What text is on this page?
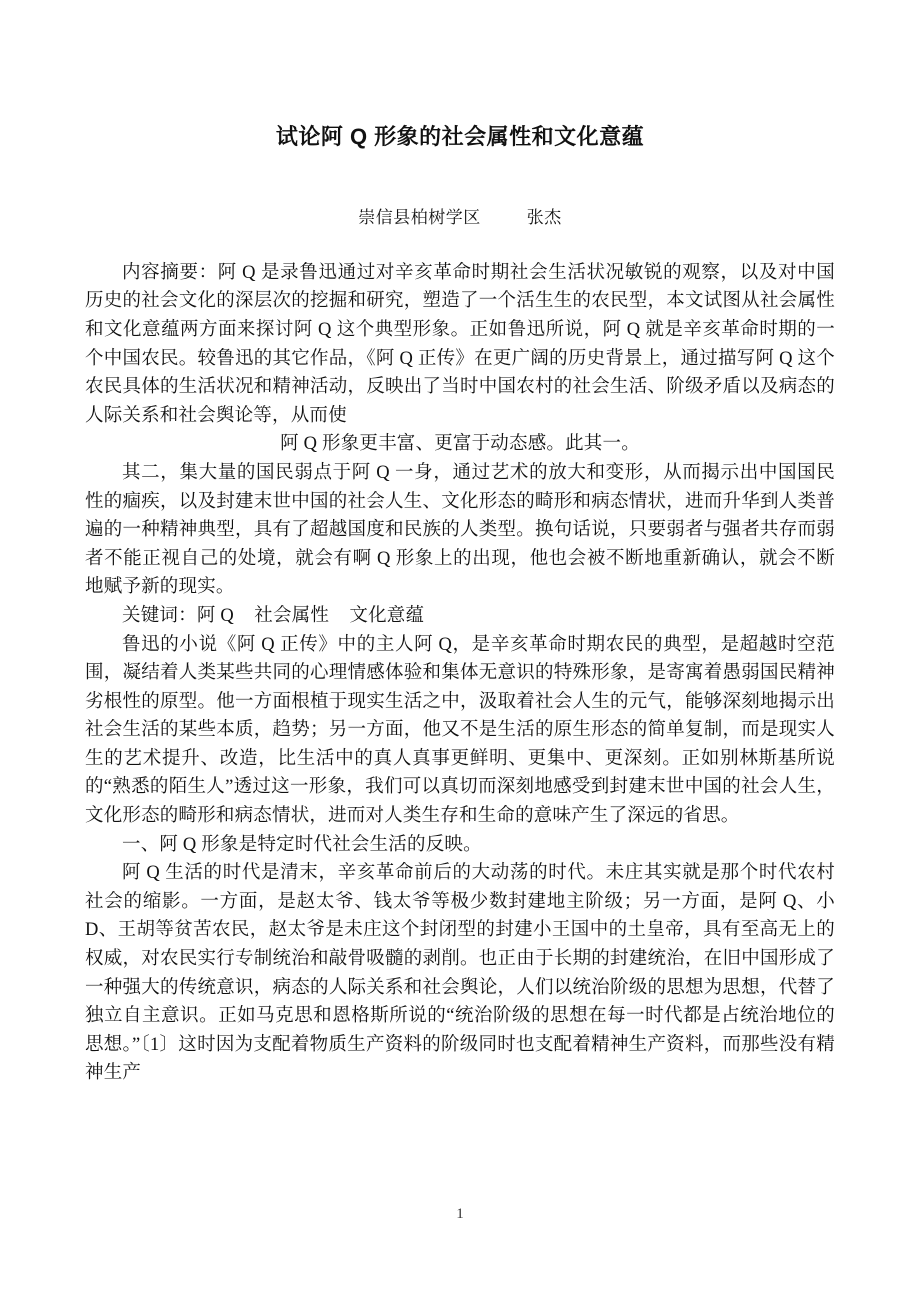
试论阿 Q 形象的社会属性和文化意蕴
崇信县柏树学区	张杰

内容摘要：阿 Q 是录鲁迅通过对辛亥革命时期社会生活状况敏锐的观察，以及对中国历史的社会文化的深层次的挖掘和研究，塑造了一个活生生的农民型，本文试图从社会属性和文化意蕴两方面来探讨阿 Q 这个典型形象。正如鲁迅所说，阿 Q 就是辛亥革命时期的一个中国农民。较鲁迅的其它作品，《阿 Q 正传》在更广阔的历史背景上，通过描写阿 Q 这个农民具体的生活状况和精神活动，反映出了当时中国农村的社会生活、阶级矛盾以及病态的人际关系和社会舆论等，从而使

阿 Q 形象更丰富、更富于动态感。此其一。

其二，集大量的国民弱点于阿 Q 一身，通过艺术的放大和变形，从而揭示出中国国民性的痼疾，以及封建末世中国的社会人生、文化形态的畸形和病态情状，进而升华到人类普遍的一种精神典型，具有了超越国度和民族的人类型。换句话说，只要弱者与强者共存而弱者不能正视自己的处境，就会有啊 Q 形象上的出现，他也会被不断地重新确认，就会不断地赋予新的现实。

关键词：阿 Q 社会属性 文化意蕴

鲁迅的小说《阿 Q 正传》中的主人阿 Q，是辛亥革命时期农民的典型，是超越时空范围，凝结着人类某些共同的心理情感体验和集体无意识的特殊形象，是寄寓着愚弱国民精神劣根性的原型。他一方面根植于现实生活之中，汲取着社会人生的元气，能够深刻地揭示出社会生活的某些本质，趋势；另一方面，他又不是生活的原生形态的简单复制，而是现实人生的艺术提升、改造，比生活中的真人真事更鲜明、更集中、更深刻。正如别林斯基所说的“熟悉的陌生人”透过这一形象，我们可以真切而深刻地感受到封建末世中国的社会人生，文化形态的畸形和病态情状，进而对人类生存和生命的意味产生了深远的省思。

一、阿 Q 形象是特定时代社会生活的反映。

阿 Q 生活的时代是清末，辛亥革命前后的大动荡的时代。未庄其实就是那个时代农村社会的缩影。一方面，是赵太爷、钱太爷等极少数封建地主阶级；另一方面，是阿 Q、小 D、王胡等贫苦农民，赵太爷是未庄这个封闭型的封建小王国中的土皇帝，具有至高无上的权威，对农民实行专制统治和敲骨吸髓的剥削。也正由于长期的封建统治，在旧中国形成了一种强大的传统意识，病态的人际关系和社会舆论，人们以统治阶级的思想为思想，代替了独立自主意识。正如马克思和恩格斯所说的“统治阶级的思想在每一时代都是占统治地位的思想。”〔1〕这时因为支配着物质生产资料的阶级同时也支配着精神生产资料，而那些没有精神生产

1
